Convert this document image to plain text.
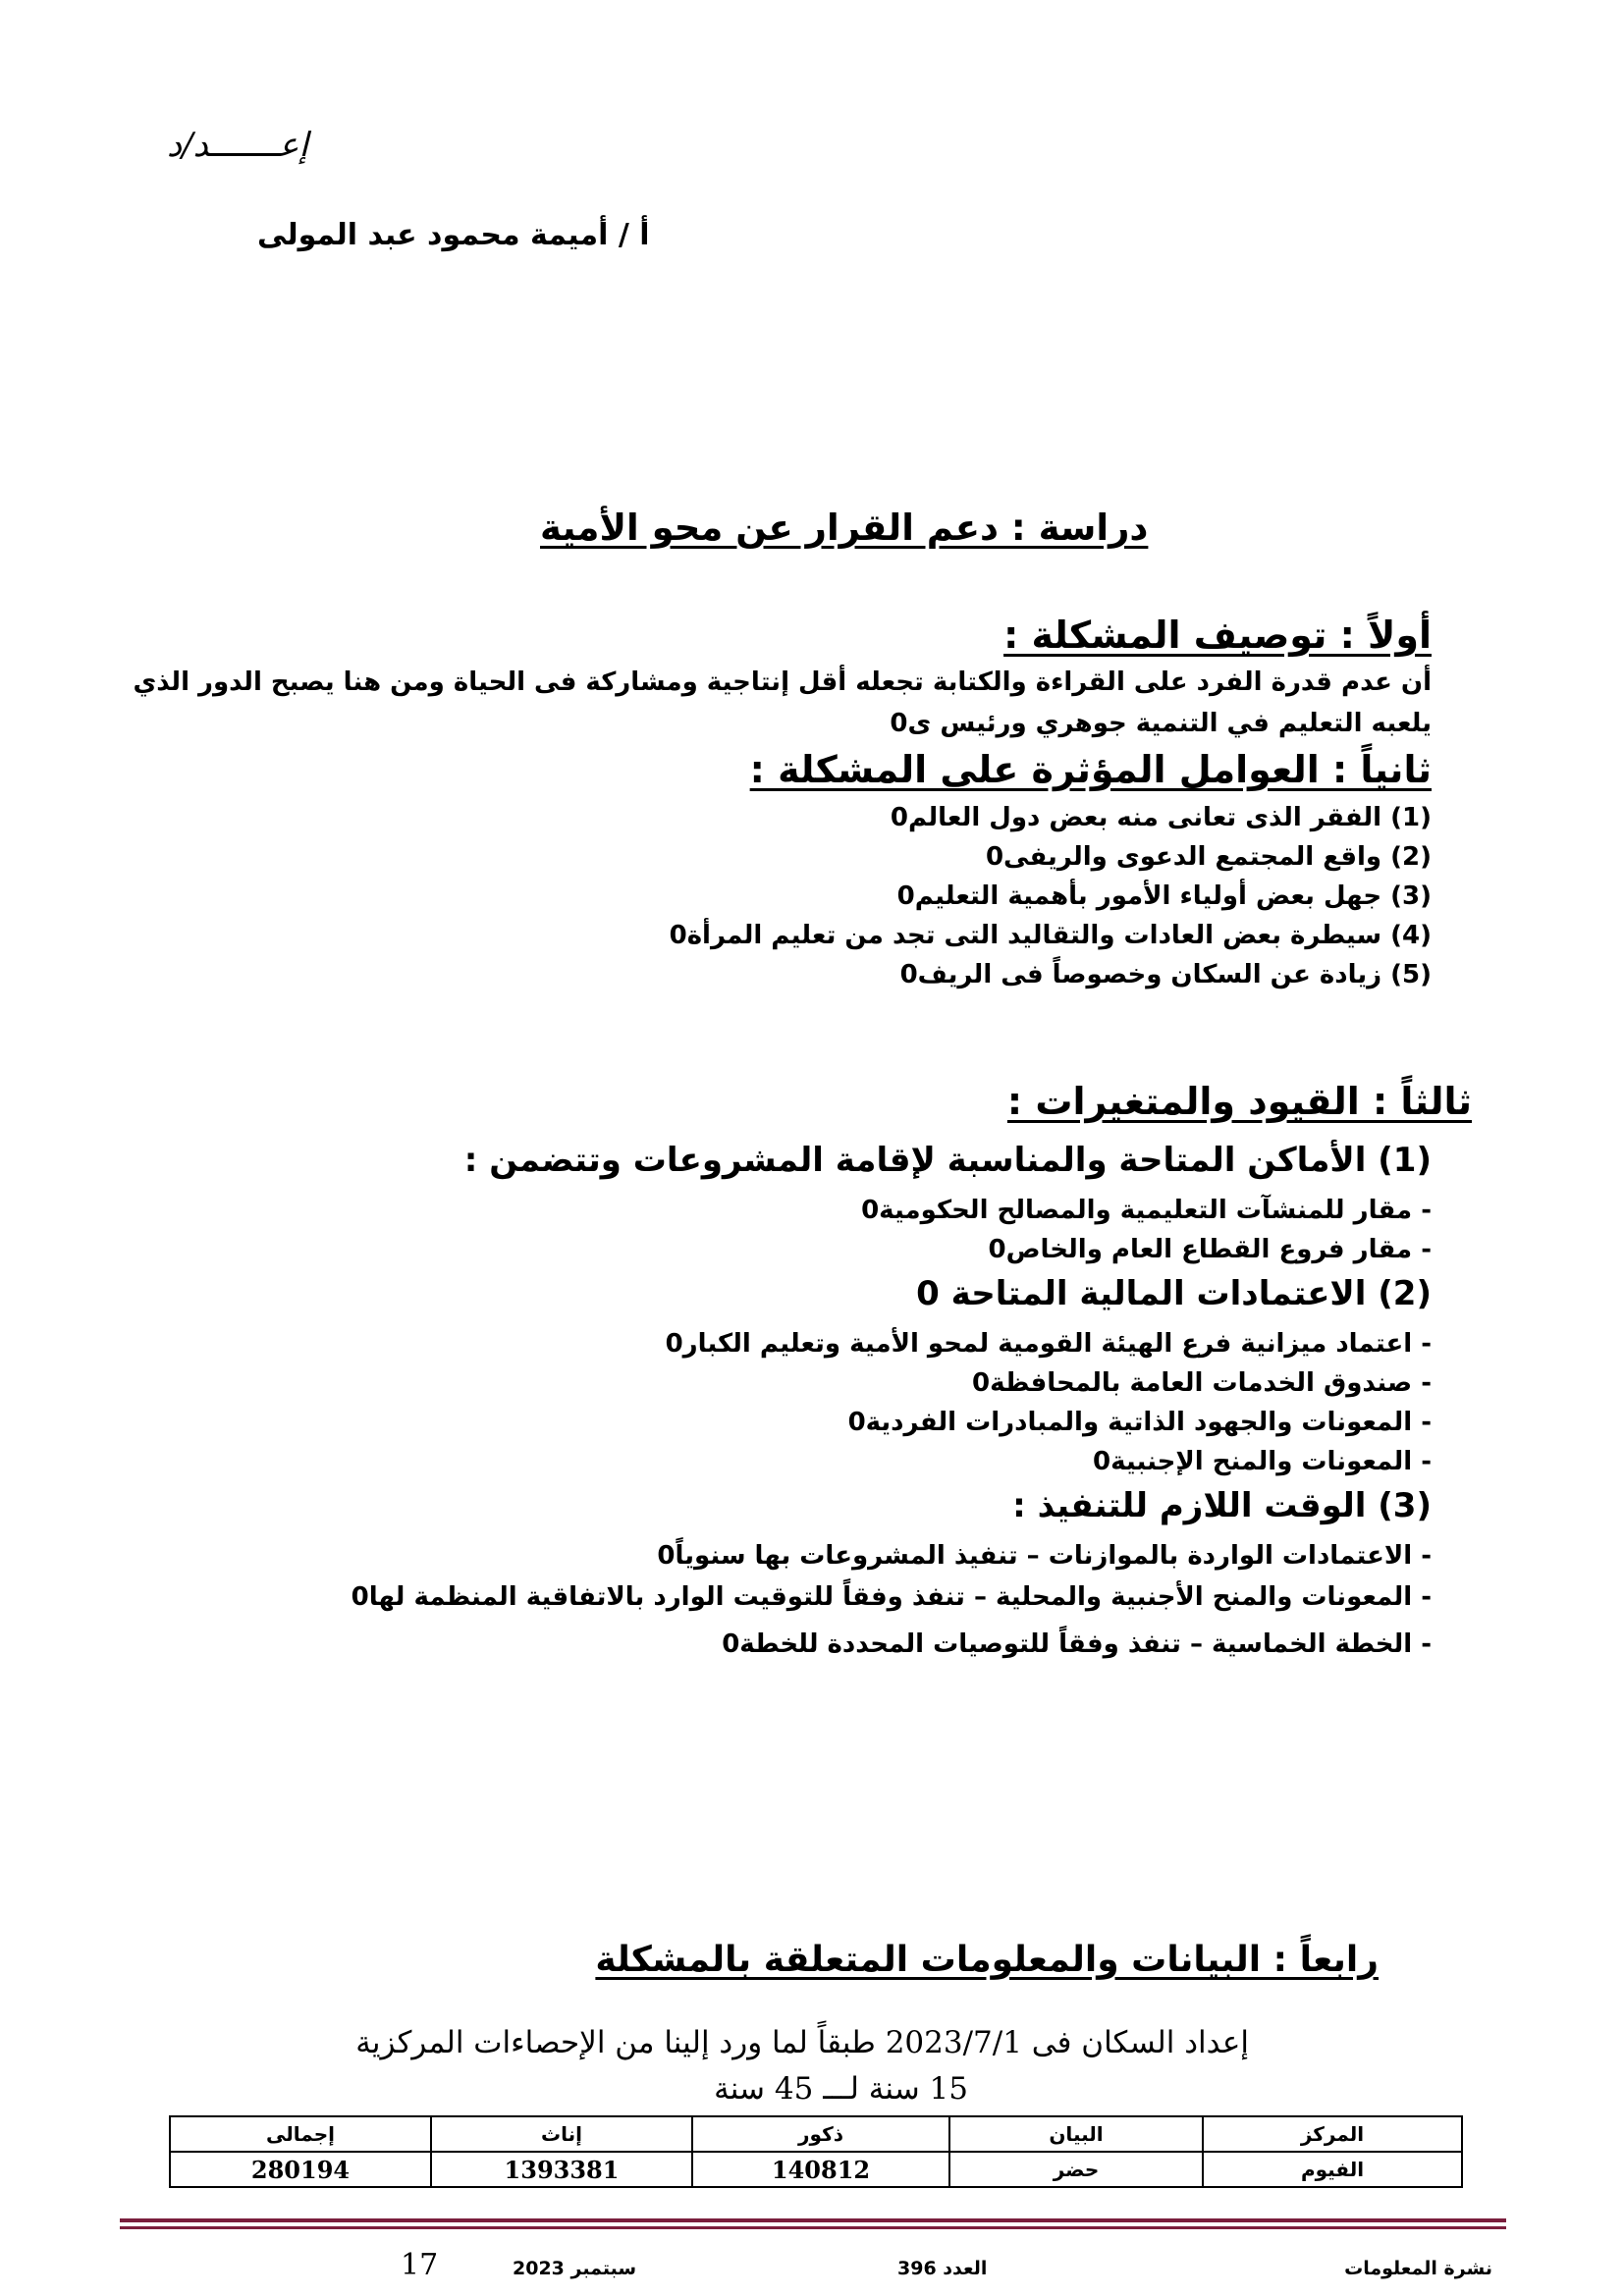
إعـــــــد/د
أ / أميمة محمود عبد المولى
دراسة : دعم القرار عن محو الأمية
أولاً : توصيف المشكلة :
أن عدم قدرة الفرد على القراءة والكتابة تجعله أقل إنتاجية ومشاركة فى الحياة ومن هنا يصبح الدور الذي
يلعبه التعليم في التنمية جوهري ورئيس ى0
ثانياً : العوامل المؤثرة على المشكلة :
(1) الفقر الذى تعانى منه بعض دول العالم0
(2) واقع المجتمع الدعوى والريفى0
(3) جهل بعض أولياء الأمور بأهمية التعليم0
(4) سيطرة بعض العادات والتقاليد التى تجد من تعليم المرأة0
(5) زيادة عن السكان وخصوصاً فى الريف0
ثالثاً : القيود والمتغيرات :
(1) الأماكن المتاحة والمناسبة لإقامة المشروعات وتتضمن :
- مقار للمنشآت التعليمية والمصالح الحكومية0
- مقار فروع القطاع العام والخاص0
(2) الاعتمادات المالية المتاحة 0
- اعتماد ميزانية فرع الهيئة القومية لمحو الأمية وتعليم الكبار0
- صندوق الخدمات العامة بالمحافظة0
- المعونات والجهود الذاتية والمبادرات الفردية0
- المعونات والمنح الإجنبية0
(3) الوقت اللازم للتنفيذ :
- الاعتمادات الواردة بالموازنات – تنفيذ المشروعات بها سنوياً0
- المعونات والمنح الأجنبية والمحلية – تنفذ وفقاً للتوقيت الوارد بالاتفاقية المنظمة لها0
- الخطة الخماسية – تنفذ وفقاً للتوصيات المحددة للخطة0
رابعاً : البيانات والمعلومات المتعلقة بالمشكلة
إعداد السكان فى 2023/7/1 طبقاً لما ورد إلينا من الإحصاءات المركزية
15 سنة لـــ 45 سنة
المركز	البيان	ذكور	إناث	إجمالى
الفيوم	حضر	140812	1393381	280194
نشرة المعلومات
العدد 396
سبتمبر 2023
17
